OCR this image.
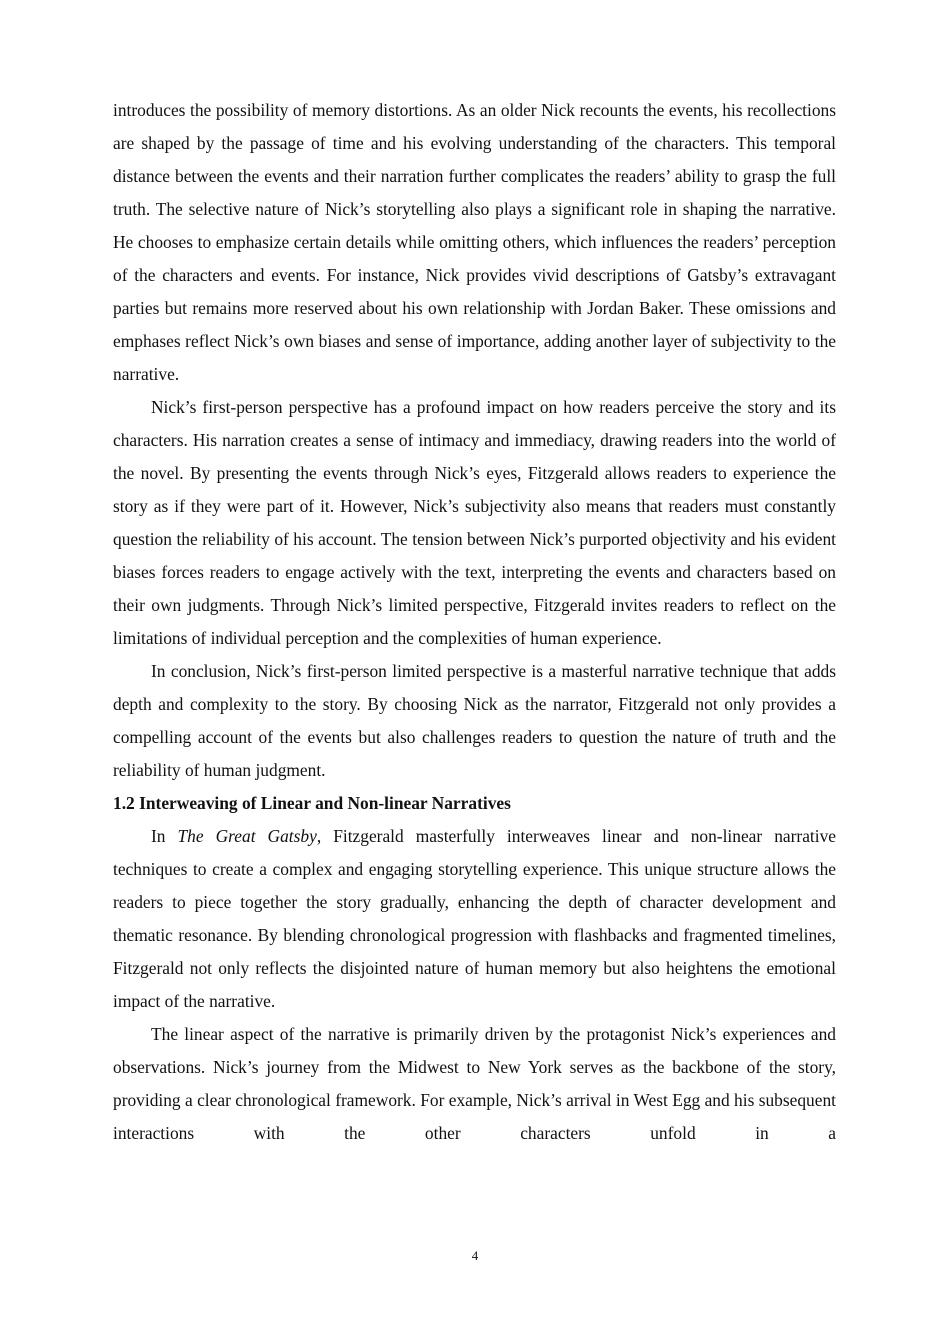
introduces the possibility of memory distortions. As an older Nick recounts the events, his recollections are shaped by the passage of time and his evolving understanding of the characters. This temporal distance between the events and their narration further complicates the readers’ ability to grasp the full truth. The selective nature of Nick’s storytelling also plays a significant role in shaping the narrative. He chooses to emphasize certain details while omitting others, which influences the readers’ perception of the characters and events. For instance, Nick provides vivid descriptions of Gatsby’s extravagant parties but remains more reserved about his own relationship with Jordan Baker. These omissions and emphases reflect Nick’s own biases and sense of importance, adding another layer of subjectivity to the narrative.

Nick’s first-person perspective has a profound impact on how readers perceive the story and its characters. His narration creates a sense of intimacy and immediacy, drawing readers into the world of the novel. By presenting the events through Nick’s eyes, Fitzgerald allows readers to experience the story as if they were part of it. However, Nick’s subjectivity also means that readers must constantly question the reliability of his account. The tension between Nick’s purported objectivity and his evident biases forces readers to engage actively with the text, interpreting the events and characters based on their own judgments. Through Nick’s limited perspective, Fitzgerald invites readers to reflect on the limitations of individual perception and the complexities of human experience.

In conclusion, Nick’s first-person limited perspective is a masterful narrative technique that adds depth and complexity to the story. By choosing Nick as the narrator, Fitzgerald not only provides a compelling account of the events but also challenges readers to question the nature of truth and the reliability of human judgment.

1.2 Interweaving of Linear and Non-linear Narratives

In The Great Gatsby, Fitzgerald masterfully interweaves linear and non-linear narrative techniques to create a complex and engaging storytelling experience. This unique structure allows the readers to piece together the story gradually, enhancing the depth of character development and thematic resonance. By blending chronological progression with flashbacks and fragmented timelines, Fitzgerald not only reflects the disjointed nature of human memory but also heightens the emotional impact of the narrative.

The linear aspect of the narrative is primarily driven by the protagonist Nick’s experiences and observations. Nick’s journey from the Midwest to New York serves as the backbone of the story, providing a clear chronological framework. For example, Nick’s arrival in West Egg and his subsequent interactions with the other characters unfold in a

4
